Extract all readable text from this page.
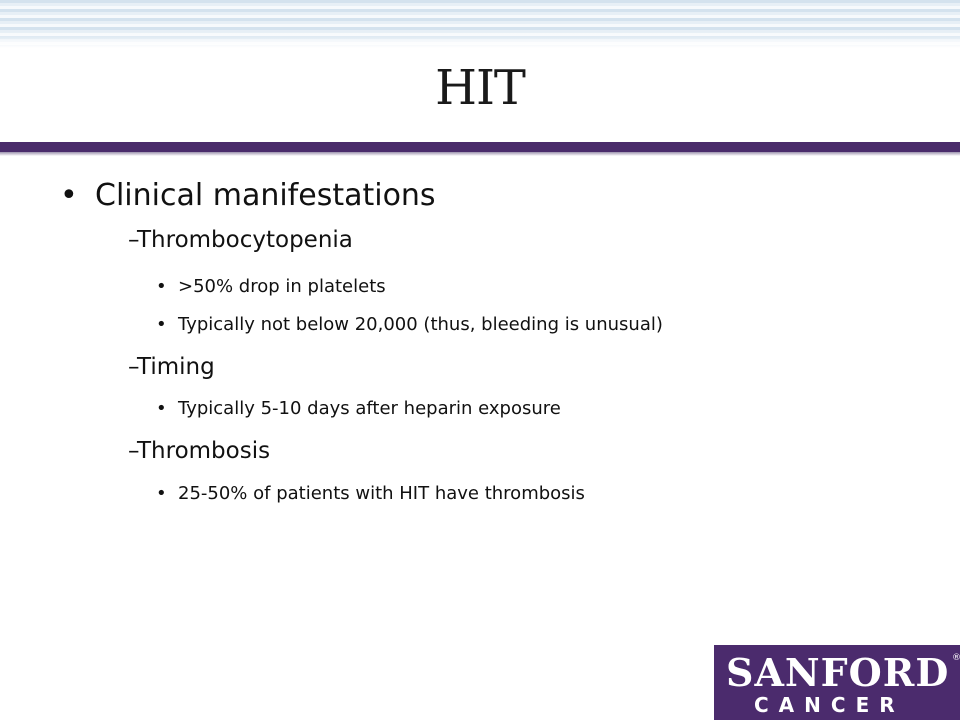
HIT
• Clinical manifestations
–Thrombocytopenia
• >50% drop in platelets
• Typically not below 20,000 (thus, bleeding is unusual)
–Timing
• Typically 5-10 days after heparin exposure
–Thrombosis
• 25-50% of patients with HIT have thrombosis
SANFORD ®
CANCER
